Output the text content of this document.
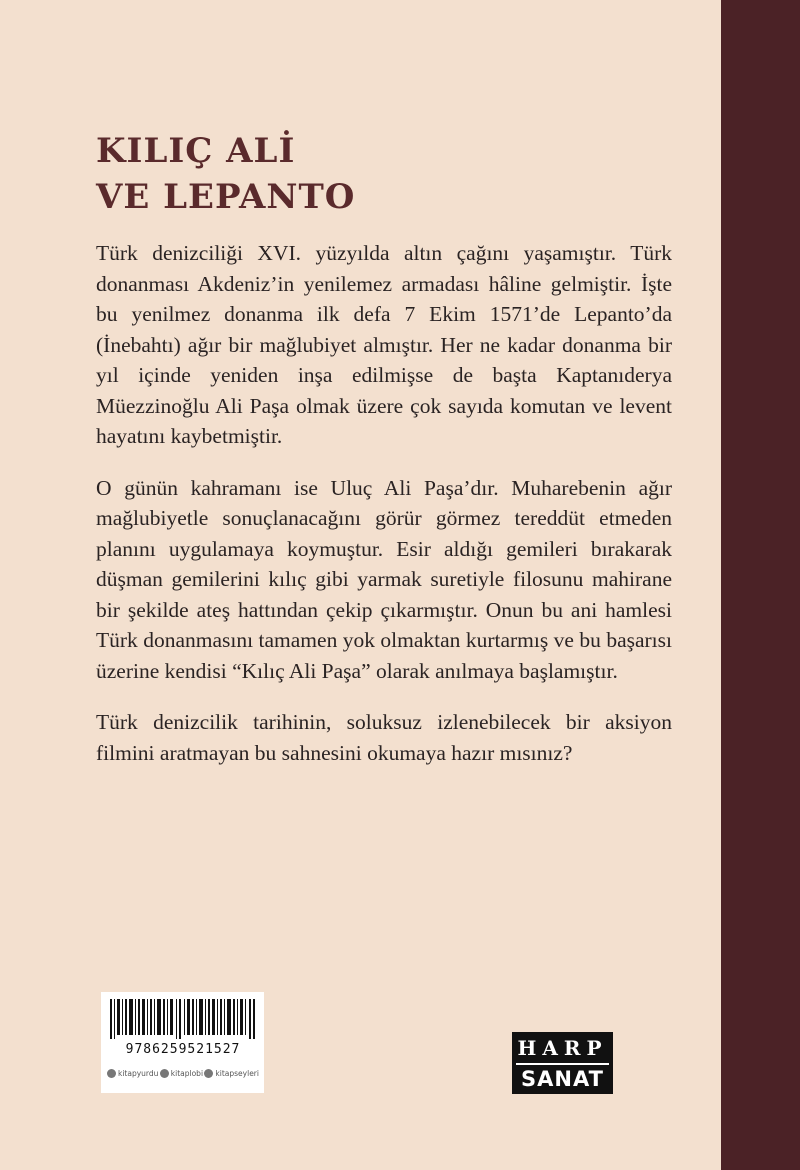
KILIÇ ALİ
VE LEPANTO

Türk denizciliği XVI. yüzyılda altın çağını yaşamıştır. Türk donanması Akdeniz’in yenilemez armadası hâline gelmiştir. İşte bu yenilmez donanma ilk defa 7 Ekim 1571’de Lepanto’da (İnebahtı) ağır bir mağlubiyet almıştır. Her ne kadar donanma bir yıl içinde yeniden inşa edilmişse de başta Kaptanıderya Müezzinoğlu Ali Paşa olmak üzere çok sayıda komutan ve levent hayatını kaybetmiştir.

O günün kahramanı ise Uluç Ali Paşa’dır. Muharebenin ağır mağlubiyetle sonuçlanacağını görür görmez tereddüt etmeden planını uygulamaya koymuştur. Esir aldığı gemileri bırakarak düşman gemilerini kılıç gibi yarmak suretiyle filosunu mahirane bir şekilde ateş hattından çekip çıkarmıştır. Onun bu ani hamlesi Türk donanmasını tamamen yok olmaktan kurtarmış ve bu başarısı üzerine kendisi “Kılıç Ali Paşa” olarak anılmaya başlamıştır.

Türk denizcilik tarihinin, soluksuz izlenebilecek bir aksiyon filmini aratmayan bu sahnesini okumaya hazır mısınız?

9786259521527
kitapyurdu kitaplobi kitapseyleri
HARP
SANAT
